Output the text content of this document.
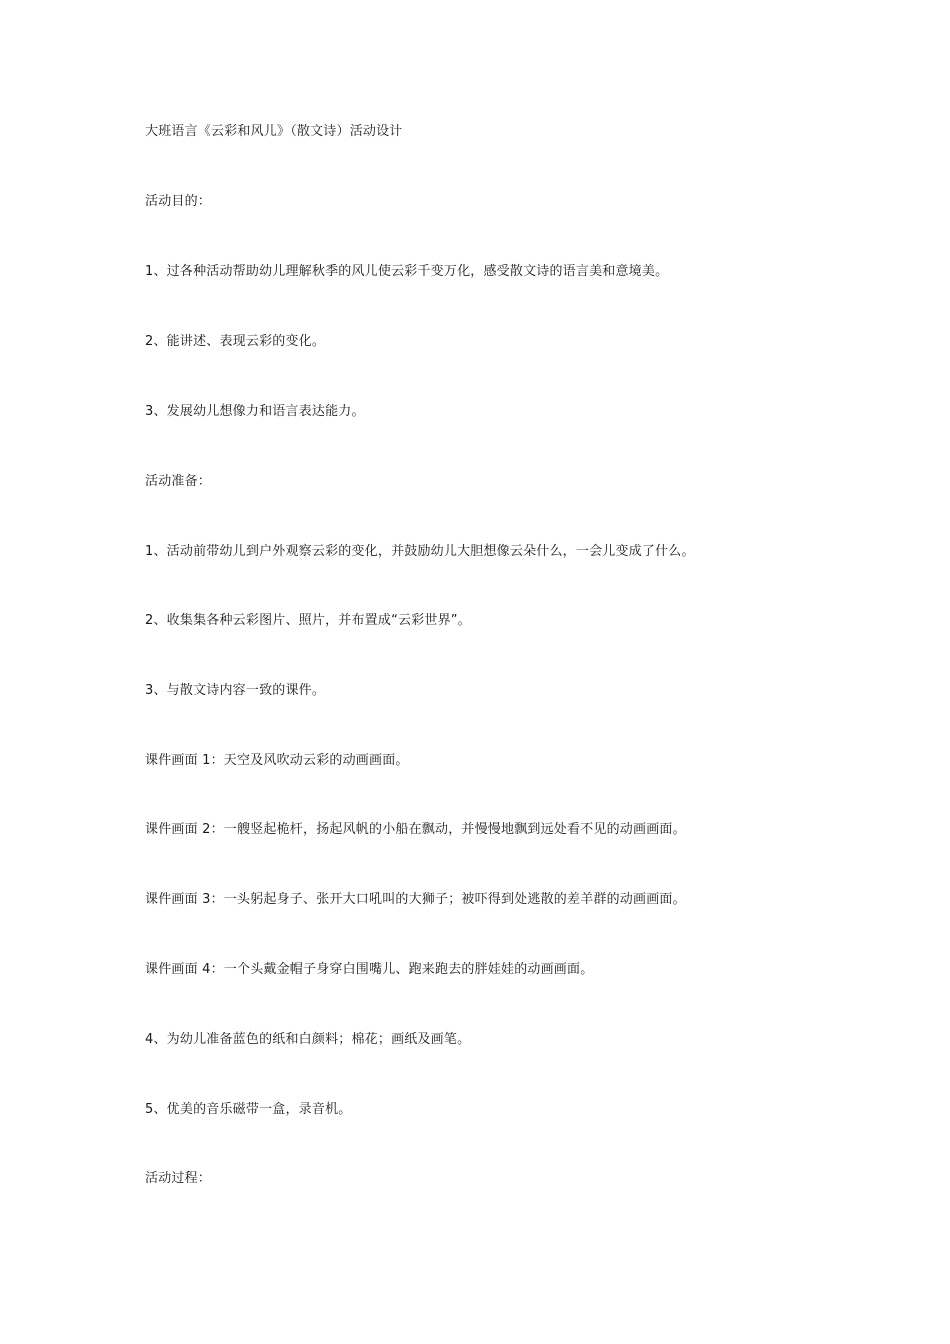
大班语言《云彩和风儿》（散文诗）活动设计
活动目的：
1、过各种活动帮助幼儿理解秋季的风儿使云彩千变万化，感受散文诗的语言美和意境美。
2、能讲述、表现云彩的变化。
3、发展幼儿想像力和语言表达能力。
活动准备：
1、活动前带幼儿到户外观察云彩的变化，并鼓励幼儿大胆想像云朵什么，一会儿变成了什么。
2、收集集各种云彩图片、照片，并布置成“云彩世界”。
3、与散文诗内容一致的课件。
课件画面 1：天空及风吹动云彩的动画画面。
课件画面 2：一艘竖起桅杆，扬起风帆的小船在飘动，并慢慢地飘到远处看不见的动画画面。
课件画面 3：一头躬起身子、张开大口吼叫的大狮子；被吓得到处逃散的差羊群的动画画面。
课件画面 4：一个头戴金帽子身穿白围嘴儿、跑来跑去的胖娃娃的动画画面。
4、为幼儿准备蓝色的纸和白颜料；棉花；画纸及画笔。
5、优美的音乐磁带一盒，录音机。
活动过程：
